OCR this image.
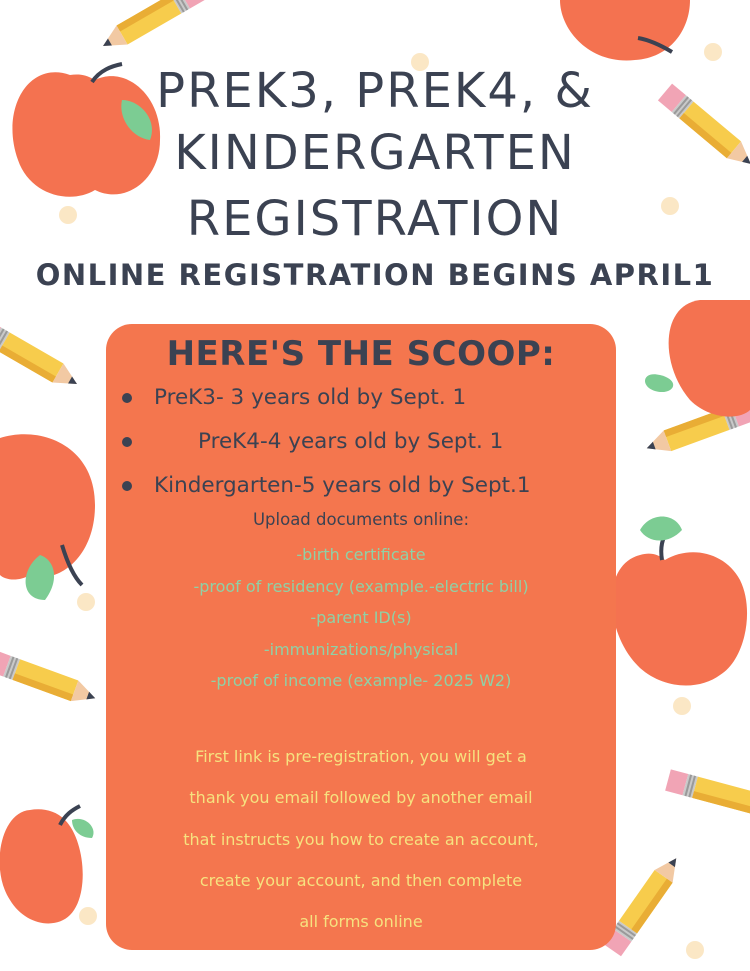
PREK3, PREK4, &
KINDERGARTEN
REGISTRATION
ONLINE REGISTRATION BEGINS APRIL1
HERE'S THE SCOOP:
PreK3- 3 years old by Sept. 1
PreK4-4 years old by Sept. 1
Kindergarten-5 years old by Sept.1
Upload documents online:
-birth certificate
-proof of residency (example.-electric bill)
-parent ID(s)
-immunizations/physical
-proof of income (example- 2025 W2)
First link is pre-registration, you will get a
thank you email followed by another email
that instructs you how to create an account,
create your account, and then complete
all forms online
